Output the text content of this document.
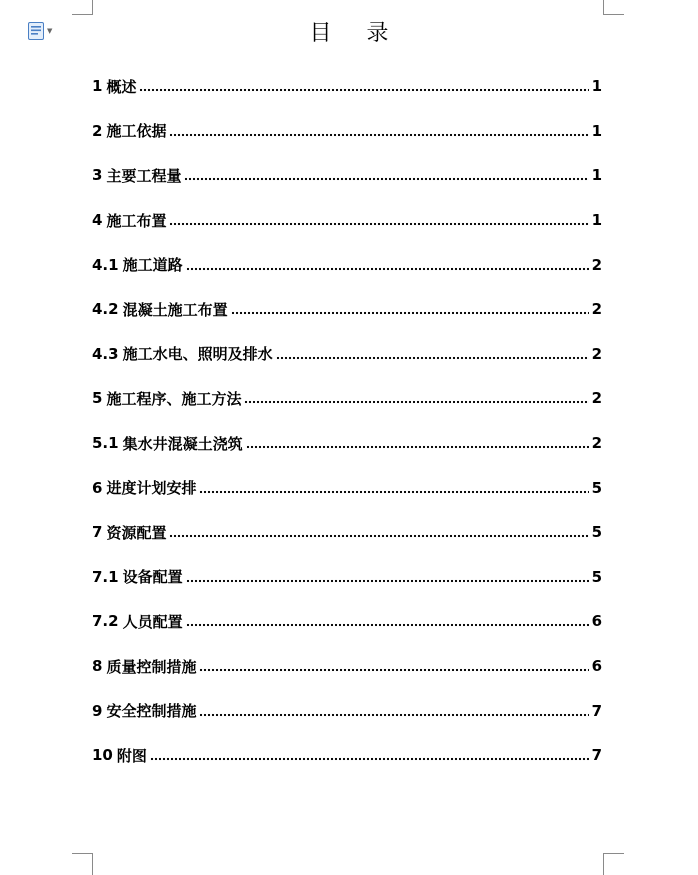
▼	目 录
1 概述	1
2 施工依据	1
3 主要工程量	1
4 施工布置	1
4.1 施工道路	2
4.2 混凝土施工布置	2
4.3 施工水电、照明及排水	2
5 施工程序、施工方法	2
5.1 集水井混凝土浇筑	2
6 进度计划安排	5
7 资源配置	5
7.1 设备配置	5
7.2 人员配置	6
8 质量控制措施	6
9 安全控制措施	7
10 附图	7
